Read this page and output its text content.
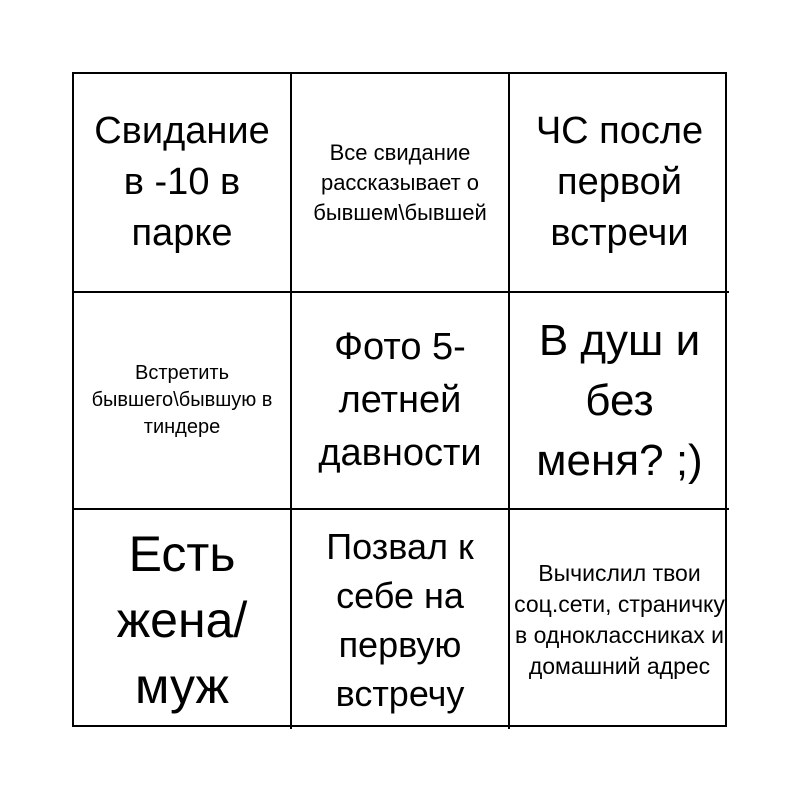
Свидание в -10 в парке
Все свидание рассказывает о бывшем\бывшей
ЧС после первой встречи
Встретить бывшего\бывшую в тиндере
Фото 5-летней давности
В душ и без меня? ;)
Есть жена/муж
Позвал к себе на первую встречу
Вычислил твои соц.сети, страничку в одноклассниках и домашний адрес
